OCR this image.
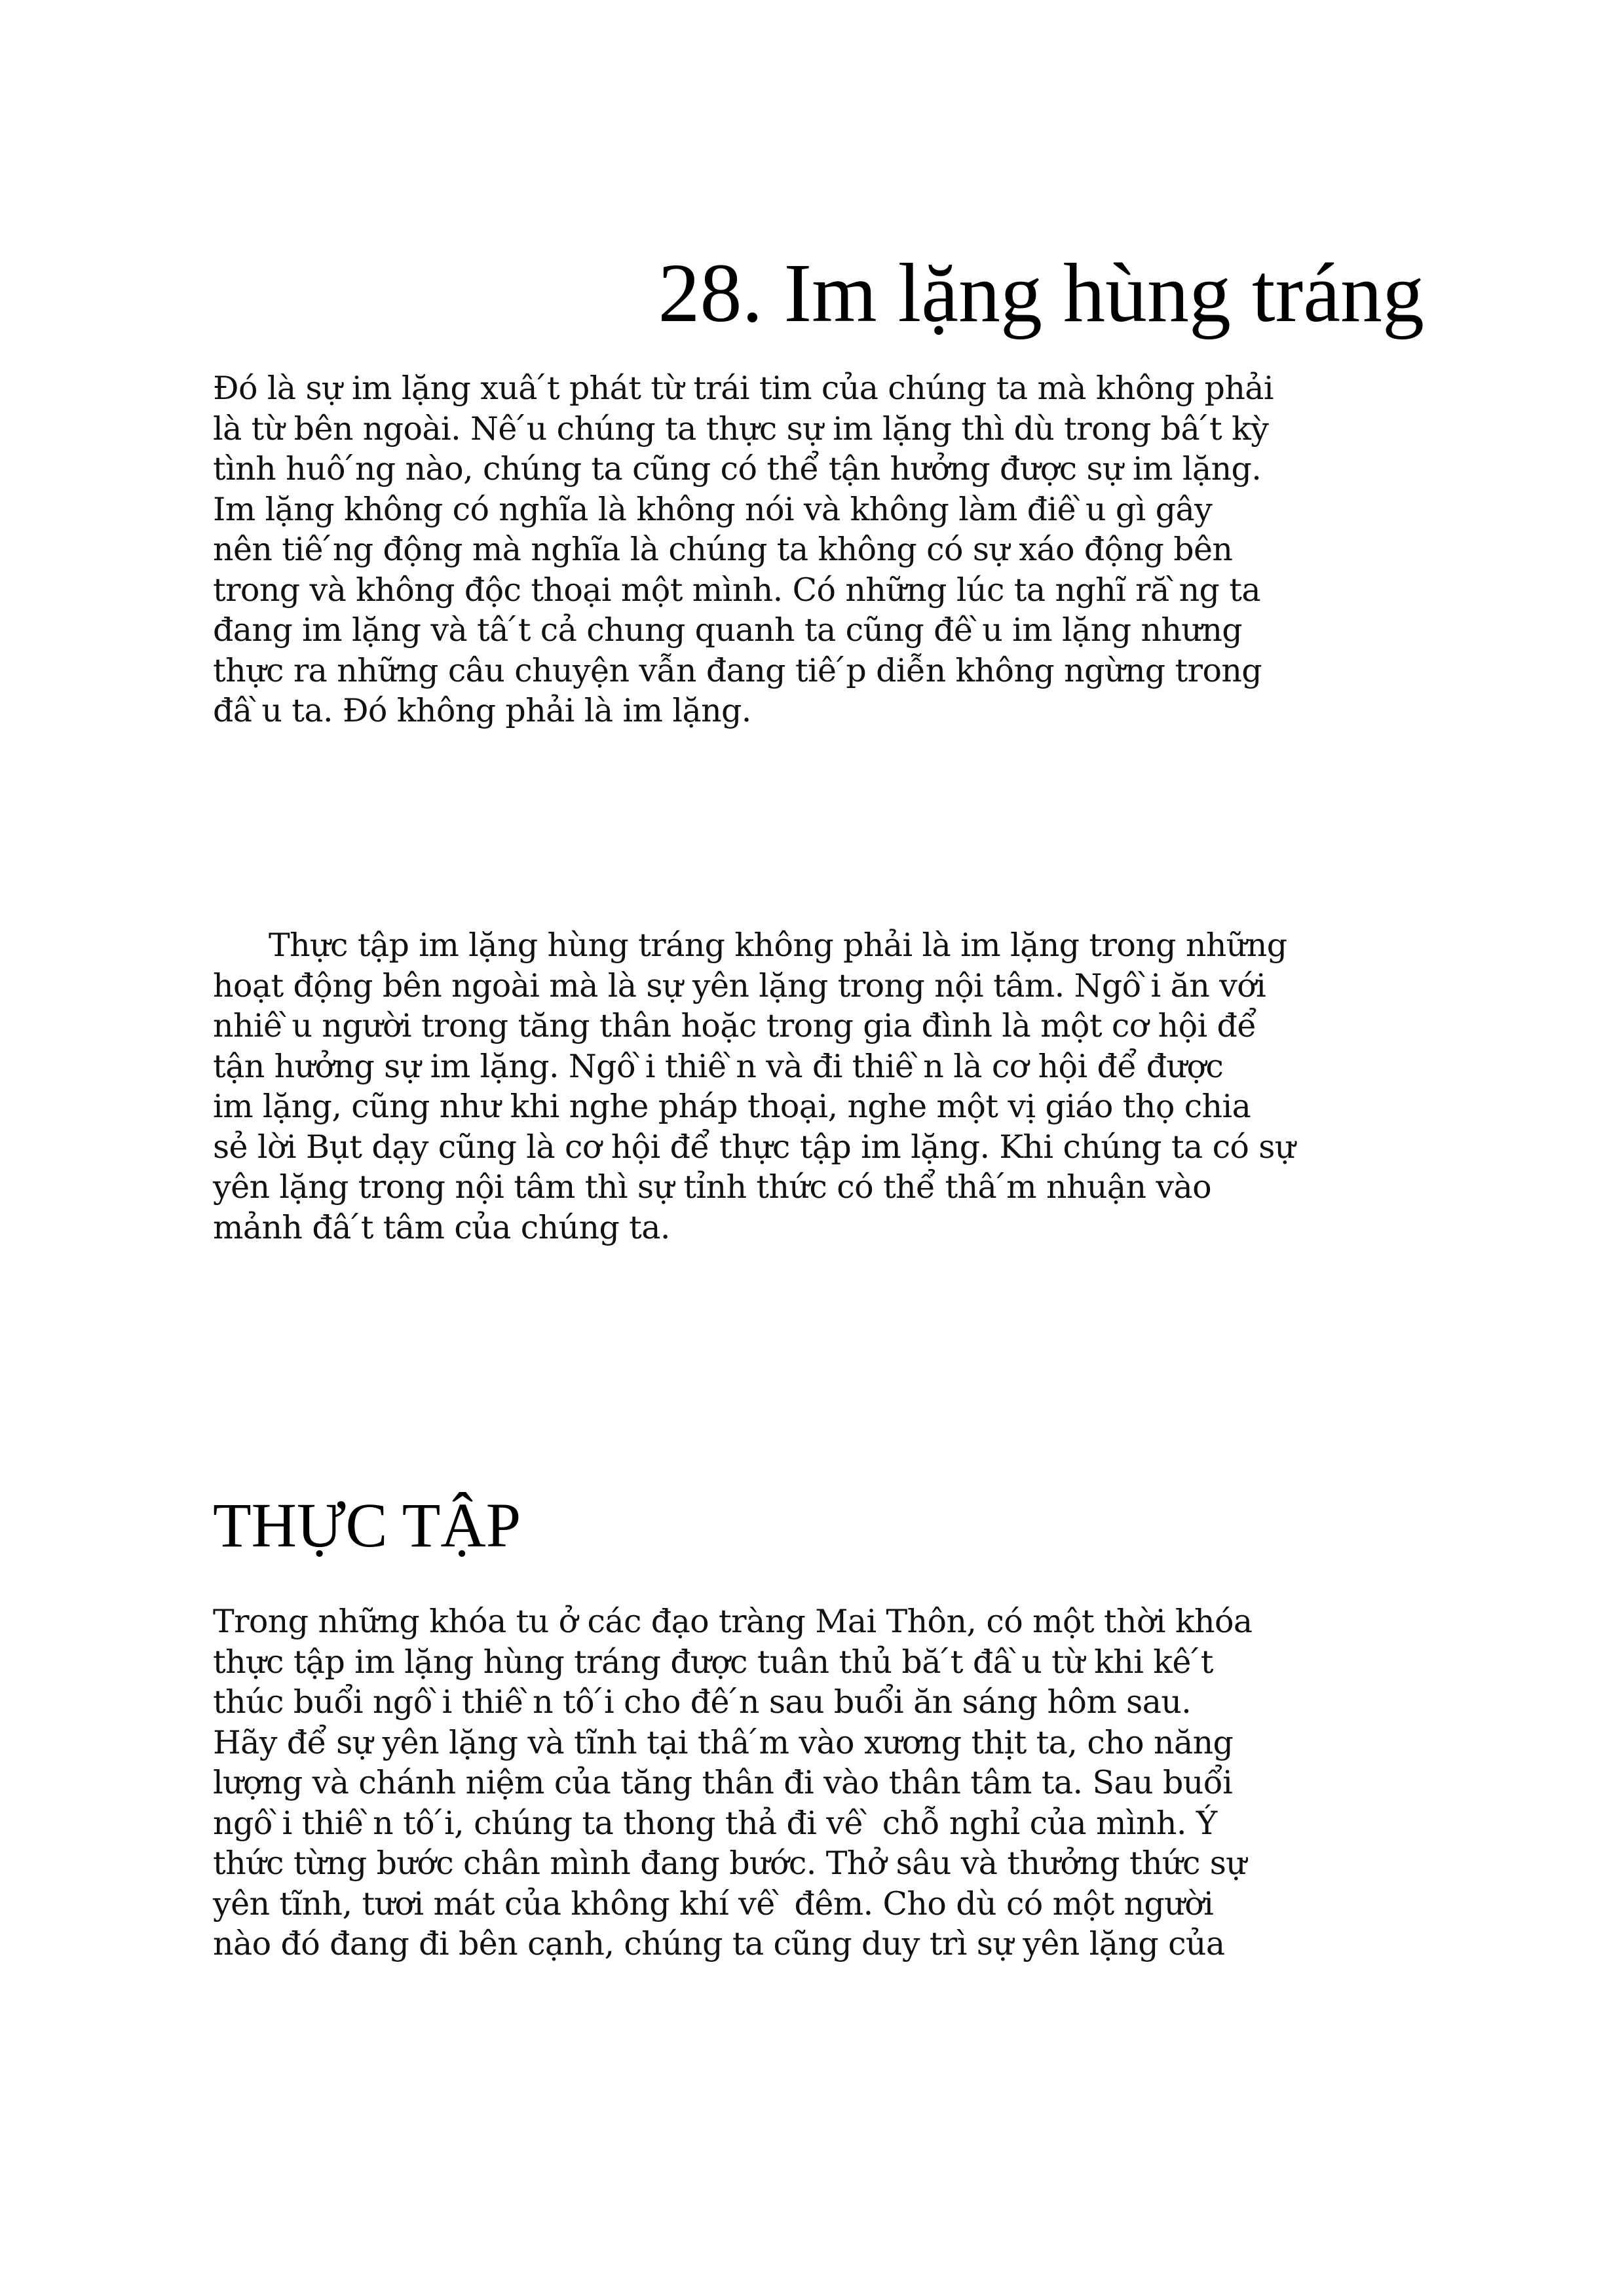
28. Im lặng hùng tráng
Đó là sự im lặng xuâ ́t phát từ trái tim của chúng ta mà không phải
là từ bên ngoài. Nê ́u chúng ta thực sự im lặng thì dù trong bâ ́t kỳ
tình huô ́ng nào, chúng ta cũng có thể tận hưởng được sự im lặng.
Im lặng không có nghĩa là không nói và không làm điê ̀u gì gây
nên tiê ́ng động mà nghĩa là chúng ta không có sự xáo động bên
trong và không độc thoại một mình. Có những lúc ta nghĩ ră ̀ng ta
đang im lặng và tâ ́t cả chung quanh ta cũng đê ̀u im lặng nhưng
thực ra những câu chuyện vẫn đang tiê ́p diễn không ngừng trong
đâ ̀u ta. Đó không phải là im lặng.
Thực tập im lặng hùng tráng không phải là im lặng trong những
hoạt động bên ngoài mà là sự yên lặng trong nội tâm. Ngô ̀i ăn với
nhiê ̀u người trong tăng thân hoặc trong gia đình là một cơ hội để
tận hưởng sự im lặng. Ngô ̀i thiê ̀n và đi thiê ̀n là cơ hội để được
im lặng, cũng như khi nghe pháp thoại, nghe một vị giáo thọ chia
sẻ lời Bụt dạy cũng là cơ hội để thực tập im lặng. Khi chúng ta có sự
yên lặng trong nội tâm thì sự tỉnh thức có thể thâ ́m nhuận vào
mảnh đâ ́t tâm của chúng ta.
THỰC TẬP
Trong những khóa tu ở các đạo tràng Mai Thôn, có một thời khóa
thực tập im lặng hùng tráng được tuân thủ bă ́t đâ ̀u từ khi kê ́t
thúc buổi ngô ̀i thiê ̀n tô ́i cho đê ́n sau buổi ăn sáng hôm sau.
Hãy để sự yên lặng và tĩnh tại thâ ́m vào xương thịt ta, cho năng
lượng và chánh niệm của tăng thân đi vào thân tâm ta. Sau buổi
ngô ̀i thiê ̀n tô ́i, chúng ta thong thả đi vê ̀ chỗ nghỉ của mình. Ý
thức từng bước chân mình đang bước. Thở sâu và thưởng thức sự
yên tĩnh, tươi mát của không khí vê ̀ đêm. Cho dù có một người
nào đó đang đi bên cạnh, chúng ta cũng duy trì sự yên lặng của
